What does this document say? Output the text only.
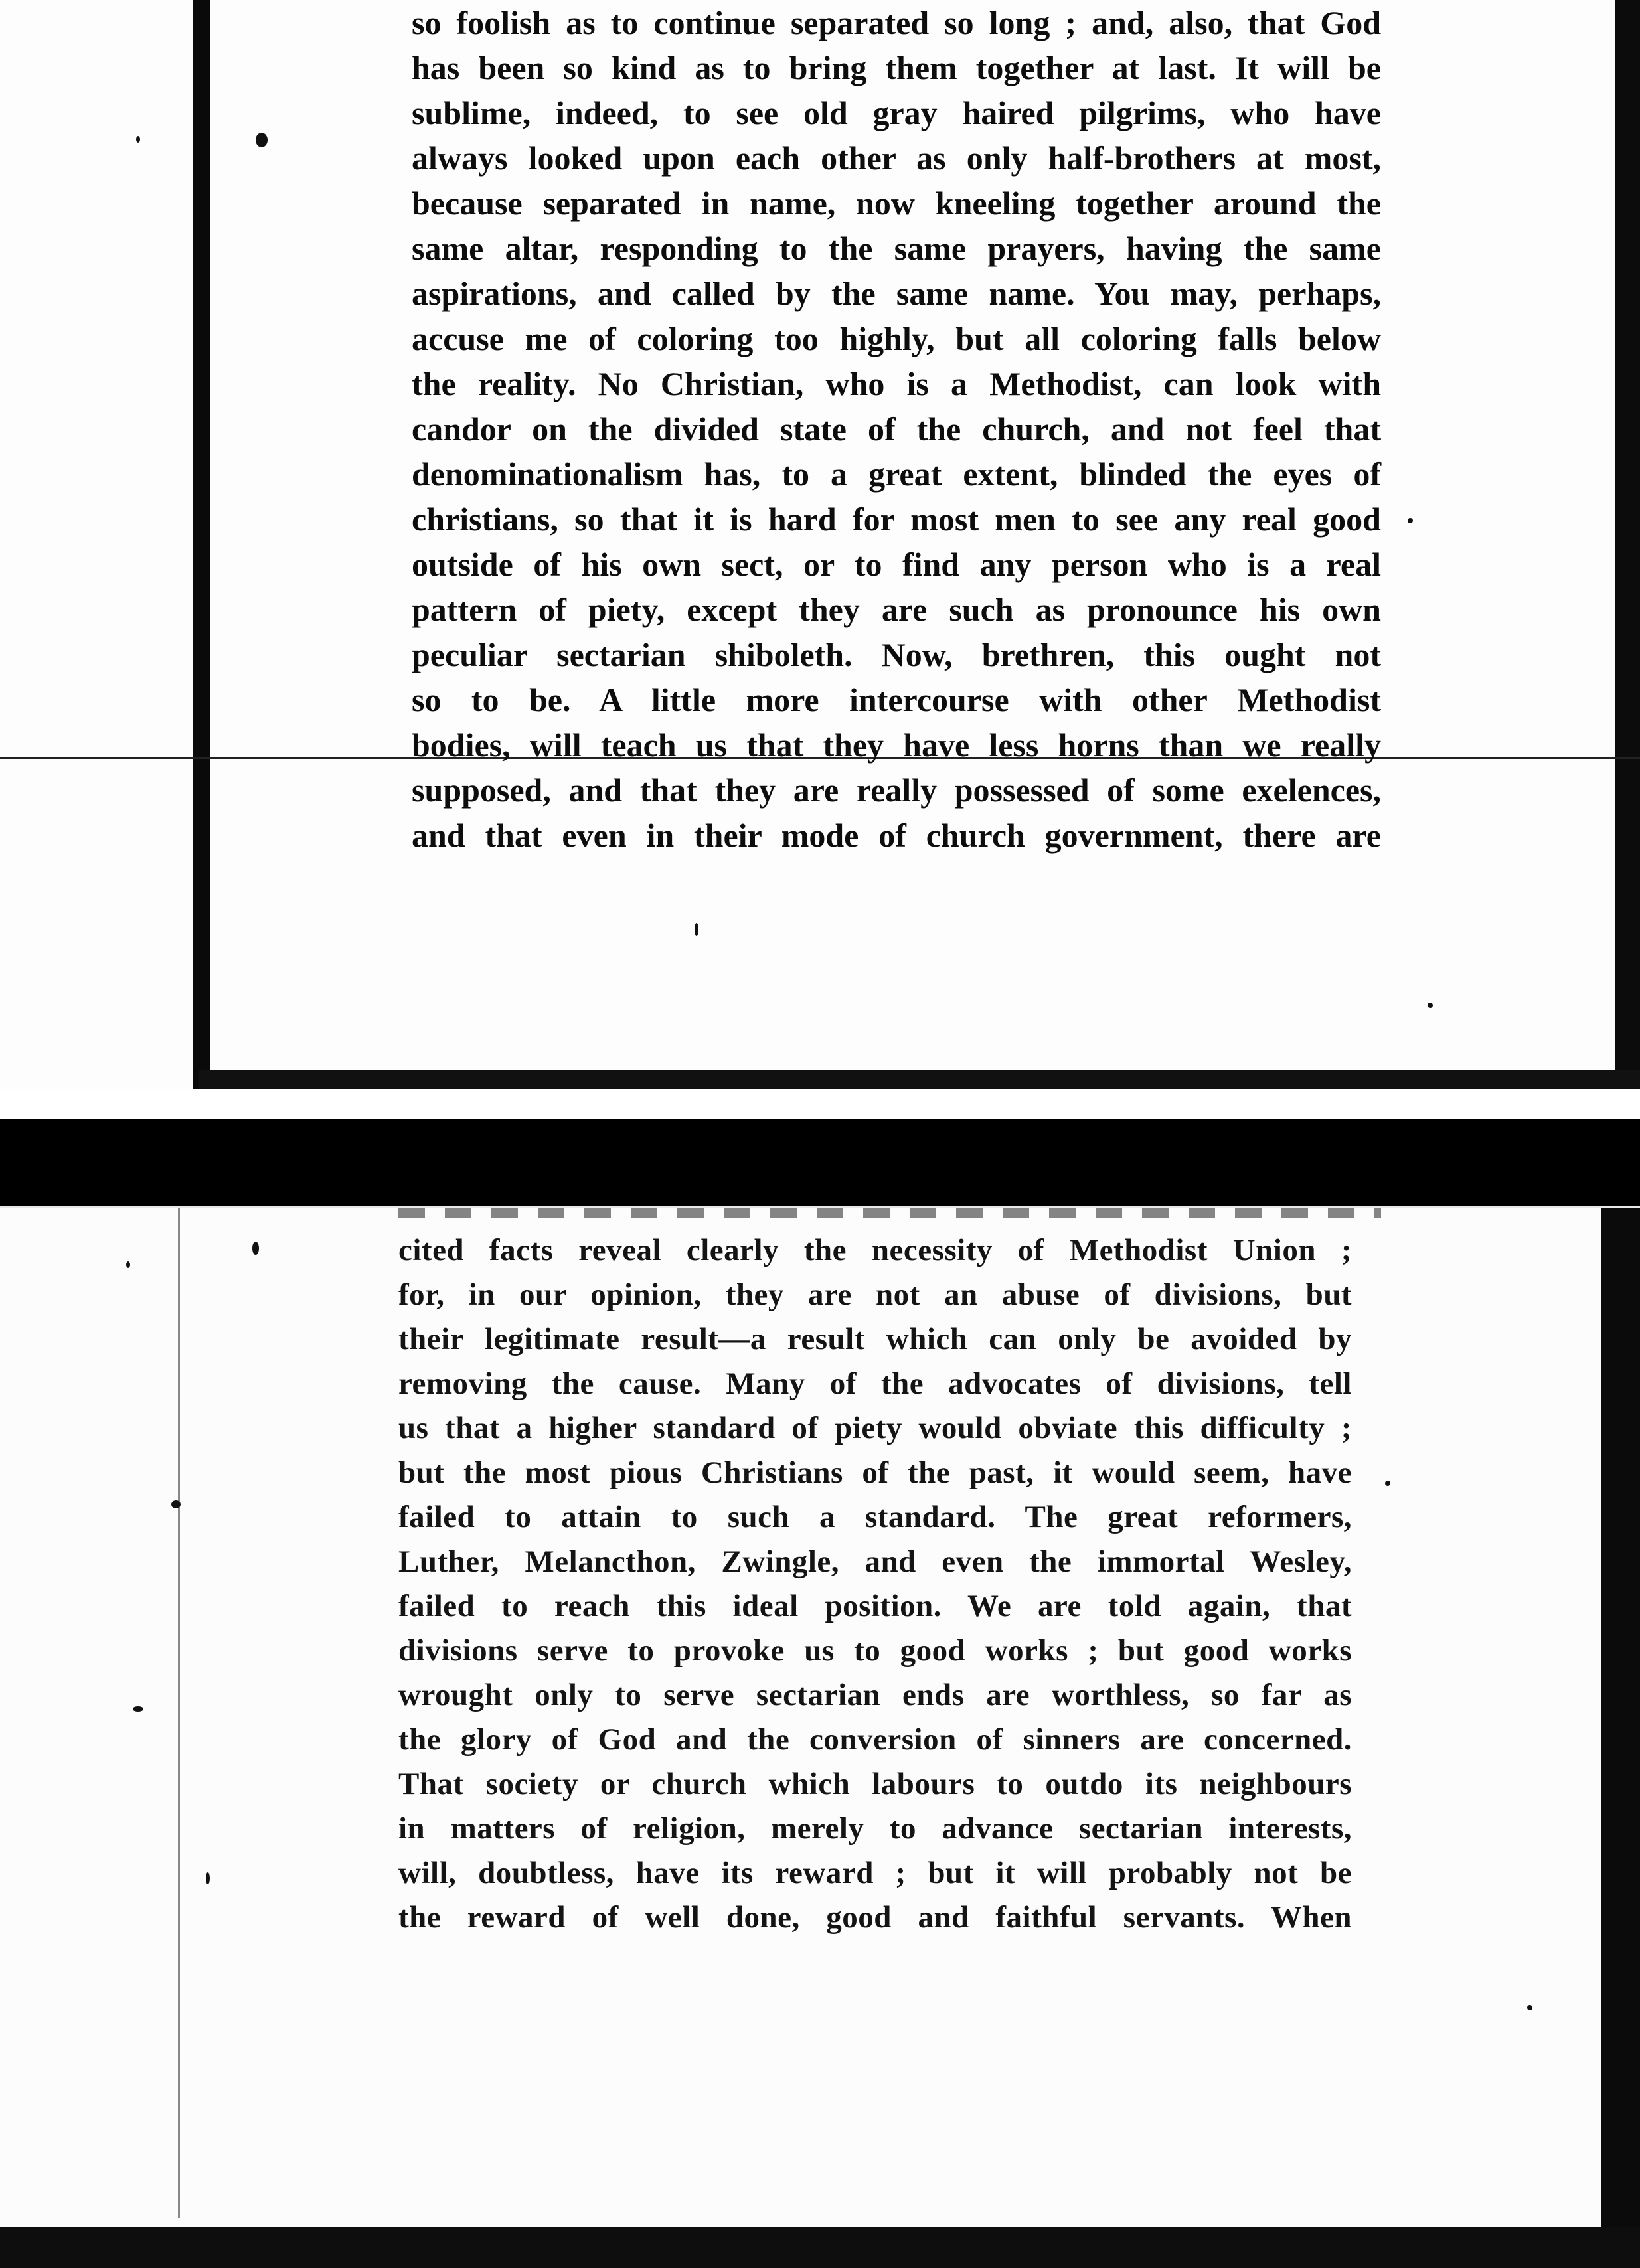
so foolish as to continue separated so long ; and, also, that God
has been so kind as to bring them together at last. It will be
sublime, indeed, to see old gray haired pilgrims, who have
always looked upon each other as only half-brothers at most,
because separated in name, now kneeling together around the
same altar, responding to the same prayers, having the same
aspirations, and called by the same name. You may, perhaps,
accuse me of coloring too highly, but all coloring falls below
the reality. No Christian, who is a Methodist, can look with
candor on the divided state of the church, and not feel that
denominationalism has, to a great extent, blinded the eyes of
christians, so that it is hard for most men to see any real good
outside of his own sect, or to find any person who is a real
pattern of piety, except they are such as pronounce his own
peculiar sectarian shiboleth. Now, brethren, this ought not
so to be. A little more intercourse with other Methodist
bodies, will teach us that they have less horns than we really
supposed, and that they are really possessed of some exelences,
and that even in their mode of church government, there are
cited facts reveal clearly the necessity of Methodist Union ;
for, in our opinion, they are not an abuse of divisions, but
their legitimate result—a result which can only be avoided by
removing the cause. Many of the advocates of divisions, tell
us that a higher standard of piety would obviate this difficulty ;
but the most pious Christians of the past, it would seem, have
failed to attain to such a standard. The great reformers,
Luther, Melancthon, Zwingle, and even the immortal Wesley,
failed to reach this ideal position. We are told again, that
divisions serve to provoke us to good works ; but good works
wrought only to serve sectarian ends are worthless, so far as
the glory of God and the conversion of sinners are concerned.
That society or church which labours to outdo its neighbours
in matters of religion, merely to advance sectarian interests,
will, doubtless, have its reward ; but it will probably not be
the reward of well done, good and faithful servants. When
